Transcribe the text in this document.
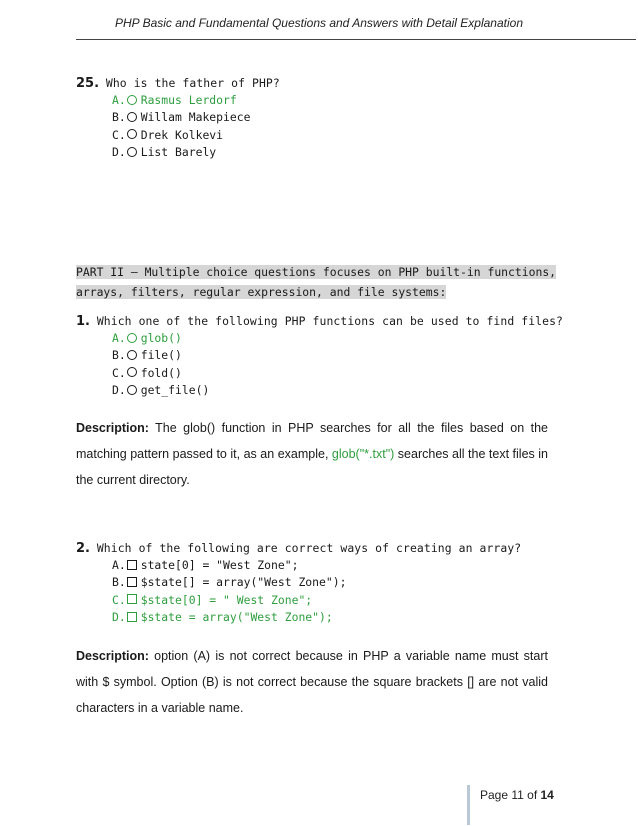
PHP Basic and Fundamental Questions and Answers with Detail Explanation
25. Who is the father of PHP?
A. Rasmus Lerdorf
B. Willam Makepiece
C. Drek Kolkevi
D. List Barely
PART II – Multiple choice questions focuses on PHP built-in functions,
arrays, filters, regular expression, and file systems:
1. Which one of the following PHP functions can be used to find files?
A. glob()
B. file()
C. fold()
D. get_file()
Description: The glob() function in PHP searches for all the files based on the matching pattern passed to it, as an example, glob("*.txt") searches all the text files in the current directory.
2. Which of the following are correct ways of creating an array?
A. state[0] = "West Zone";
B. $state[] = array("West Zone");
C. $state[0] = " West Zone";
D. $state = array("West Zone");
Description: option (A) is not correct because in PHP a variable name must start with $ symbol. Option (B) is not correct because the square brackets [] are not valid characters in a variable name.
Page 11 of 14
